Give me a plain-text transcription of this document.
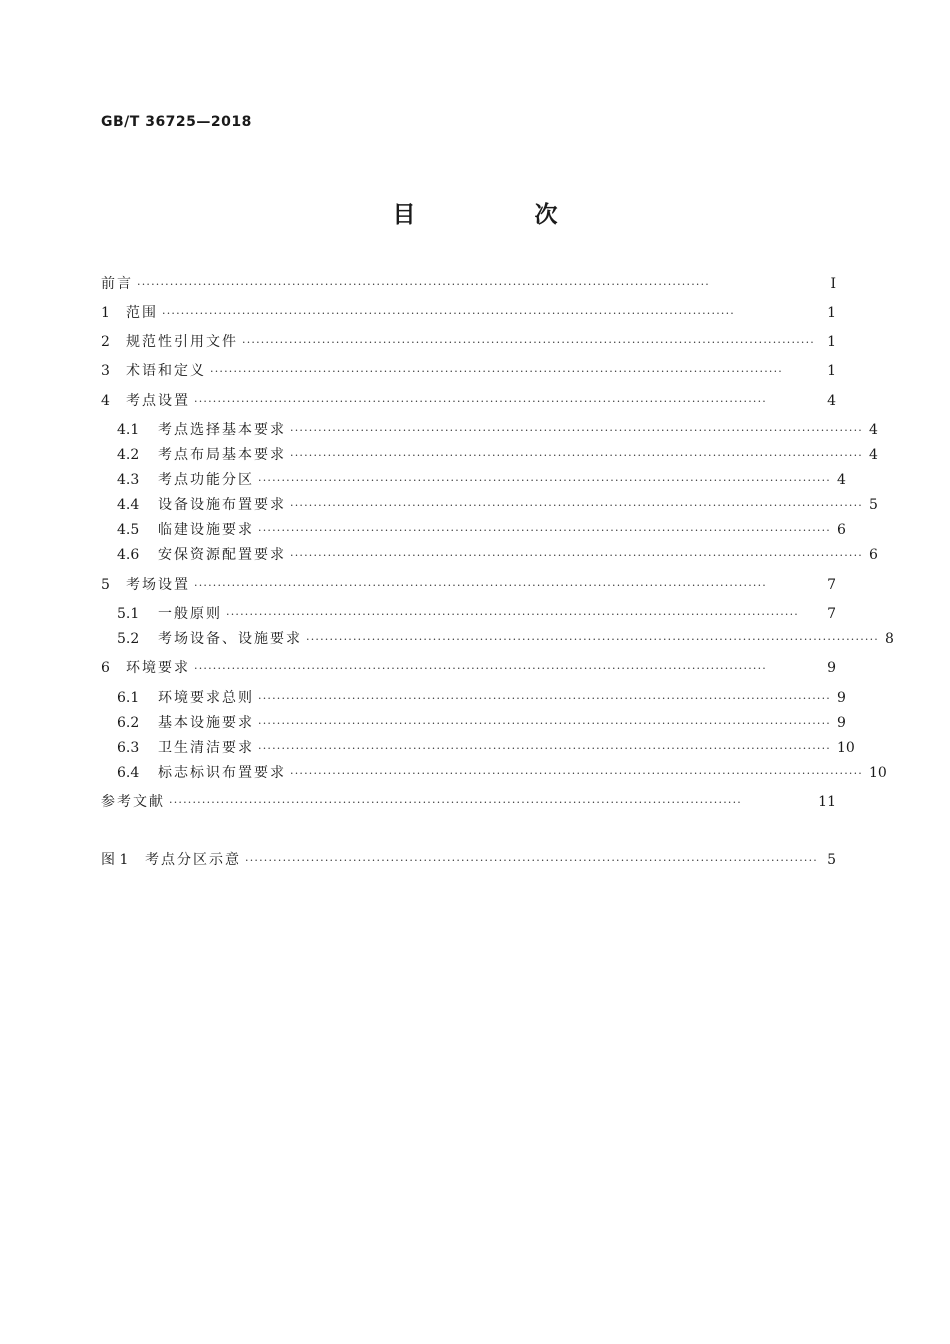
GB/T 36725—2018
目　次
前言 ··························································································································	Ⅰ
1	范围 ··························································································································	1
2	规范性引用文件 ·························································································································· 1
3	术语和定义 ··························································································································	1
4	考点设置 ··························································································································	4
4.1	考点选择基本要求 ·························································································································· 4
4.2	考点布局基本要求 ·························································································································· 4
4.3	考点功能分区 ·························································································································· 4
4.4	设备设施布置要求 ·························································································································· 5
4.5	临建设施要求 ·························································································································· 6
4.6	安保资源配置要求 ·························································································································· 6
5	考场设置 ··························································································································	7
5.1	一般原则 ··························································································································	7
5.2	考场设备、设施要求 ·························································································································· 8
6	环境要求 ··························································································································	9
6.1	环境要求总则 ·························································································································· 9
6.2	基本设施要求 ·························································································································· 9
6.3	卫生清洁要求 ·························································································································· 10
6.4	标志标识布置要求 ·························································································································· 10
参考文献 ··························································································································	11
图 1	考点分区示意 ·························································································································· 5
